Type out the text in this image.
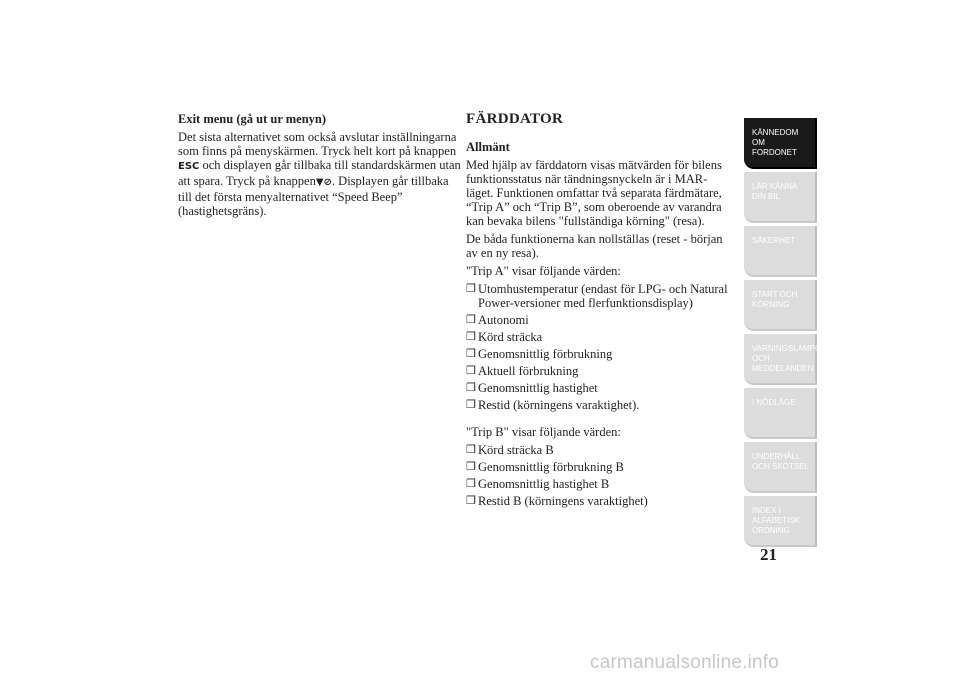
Exit menu (gå ut ur menyn)
Det sista alternativet som också avslutar inställningarna som finns på menyskärmen. Tryck helt kort på knappen ESC och displayen går tillbaka till standardskärmen utan att spara. Tryck på knappen▼⊘. Displayen går tillbaka till det första menyalternativet “Speed Beep” (hastighetsgräns).
FÄRDDATOR
Allmänt
Med hjälp av färddatorn visas mätvärden för bilens funktionsstatus när tändningsnyckeln är i MAR-läget. Funktionen omfattar två separata färdmätare, “Trip A” och “Trip B”, som oberoende av varandra kan bevaka bilens "fullständiga körning" (resa).
De båda funktionerna kan nollställas (reset - början av en ny resa).
"Trip A" visar följande värden:
❒ Utomhustemperatur (endast för LPG- och Natural Power-versioner med flerfunktionsdisplay)
❒ Autonomi
❒ Körd sträcka
❒ Genomsnittlig förbrukning
❒ Aktuell förbrukning
❒ Genomsnittlig hastighet
❒ Restid (körningens varaktighet).
"Trip B" visar följande värden:
❒ Körd sträcka B
❒ Genomsnittlig förbrukning B
❒ Genomsnittlig hastighet B
❒ Restid B (körningens varaktighet)
KÄNNEDOM OM FORDONET
LÄR KÄNNA DIN BIL
SÄKERHET
START OCH KÖRNING
VARNINGSLAMPOR OCH MEDDELANDEN
I NÖDLÄGE
UNDERHÅLL OCH SKÖTSEL
INDEX I ALFABETISK ORDNING
21
carmanualsonline.info
